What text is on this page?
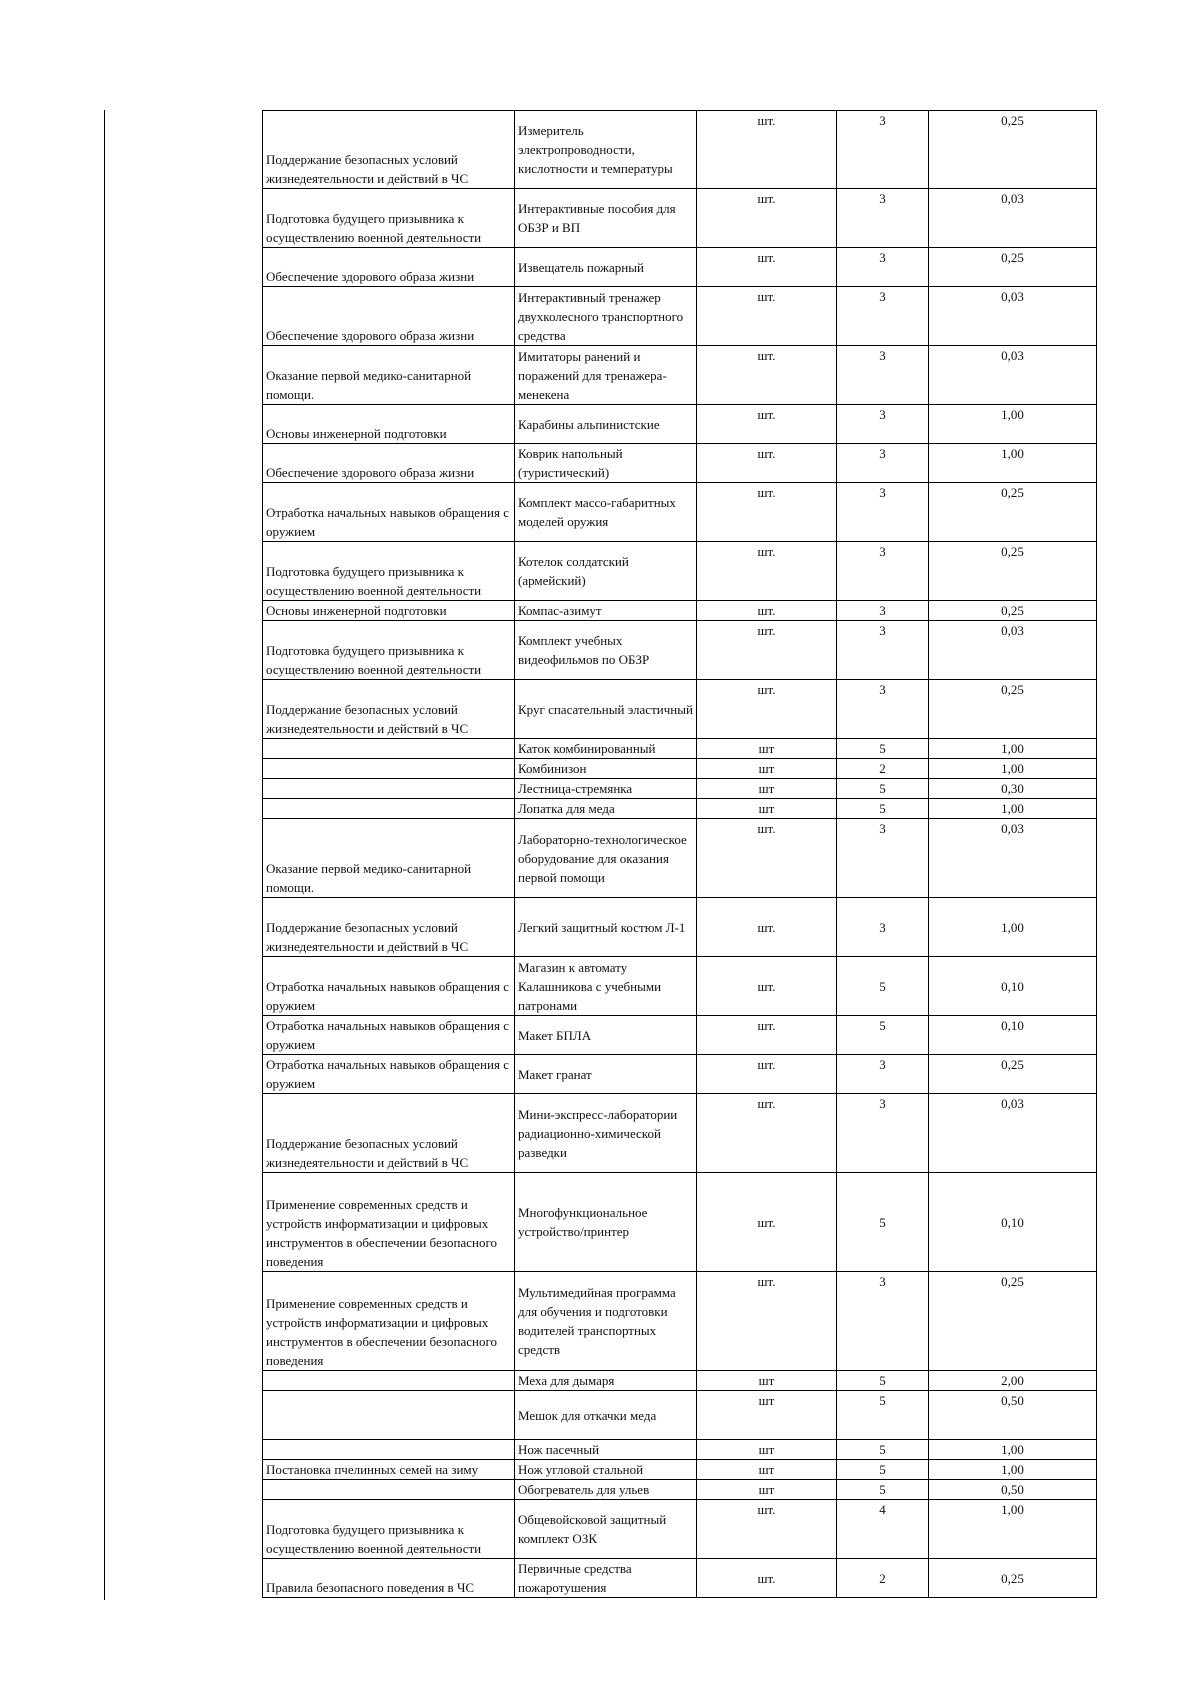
Поддержание безопасных условий жизнедеятельности и действий в ЧС	Измеритель электропроводности, кислотности и температуры	шт.	3	0,25
Подготовка будущего призывника к осуществлению военной деятельности	Интерактивные пособия для ОБЗР и ВП	шт.	3	0,03
Обеспечение здорового образа жизни	Извещатель пожарный	шт.	3	0,25
Обеспечение здорового образа жизни	Интерактивный тренажер двухколесного транспортного средства	шт.	3	0,03
Оказание первой медико-санитарной помощи.	Имитаторы ранений и поражений для тренажера-менекена	шт.	3	0,03
Основы инженерной подготовки	Карабины альпинистские	шт.	3	1,00
Обеспечение здорового образа жизни	Коврик напольный (туристический)	шт.	3	1,00
Отработка начальных навыков обращения с оружием	Комплект массо-габаритных моделей оружия	шт.	3	0,25
Подготовка будущего призывника к осуществлению военной деятельности	Котелок солдатский (армейский)	шт.	3	0,25
Основы инженерной подготовки	Компас-азимут	шт.	3	0,25
Подготовка будущего призывника к осуществлению военной деятельности	Комплект учебных видеофильмов по ОБЗР	шт.	3	0,03
Поддержание безопасных условий жизнедеятельности и действий в ЧС	Круг спасательный эластичный	шт.	3	0,25
	Каток комбинированный	шт	5	1,00
	Комбинизон	шт	2	1,00
	Лестница-стремянка	шт	5	0,30
	Лопатка для меда	шт	5	1,00
Оказание первой медико-санитарной помощи.	Лабораторно-технологическое оборудование для оказания первой помощи	шт.	3	0,03
Поддержание безопасных условий жизнедеятельности и действий в ЧС	Легкий защитный костюм Л-1	шт.	3	1,00
Отработка начальных навыков обращения с оружием	Магазин к автомату Калашникова с учебными патронами	шт.	5	0,10
Отработка начальных навыков обращения с оружием	Макет БПЛА	шт.	5	0,10
Отработка начальных навыков обращения с оружием	Макет гранат	шт.	3	0,25
Поддержание безопасных условий жизнедеятельности и действий в ЧС	Мини-экспресс-лаборатории радиационно-химической разведки	шт.	3	0,03
Применение современных средств и устройств информатизации и цифровых инструментов в обеспечении безопасного поведения	Многофункциональное устройство/принтер	шт.	5	0,10
Применение современных средств и устройств информатизации и цифровых инструментов в обеспечении безопасного поведения	Мультимедийная программа для обучения и подготовки водителей транспортных средств	шт.	3	0,25
	Меха для дымаря	шт	5	2,00
	Мешок для откачки меда	шт	5	0,50
	Нож пасечный	шт	5	1,00
Постановка пчелинных семей на зиму	Нож угловой стальной	шт	5	1,00
	Обогреватель для ульев	шт	5	0,50
Подготовка будущего призывника к осуществлению военной деятельности	Общевойсковой защитный комплект ОЗК	шт.	4	1,00
Правила безопасного поведения в ЧС	Первичные средства пожаротушения	шт.	2	0,25
